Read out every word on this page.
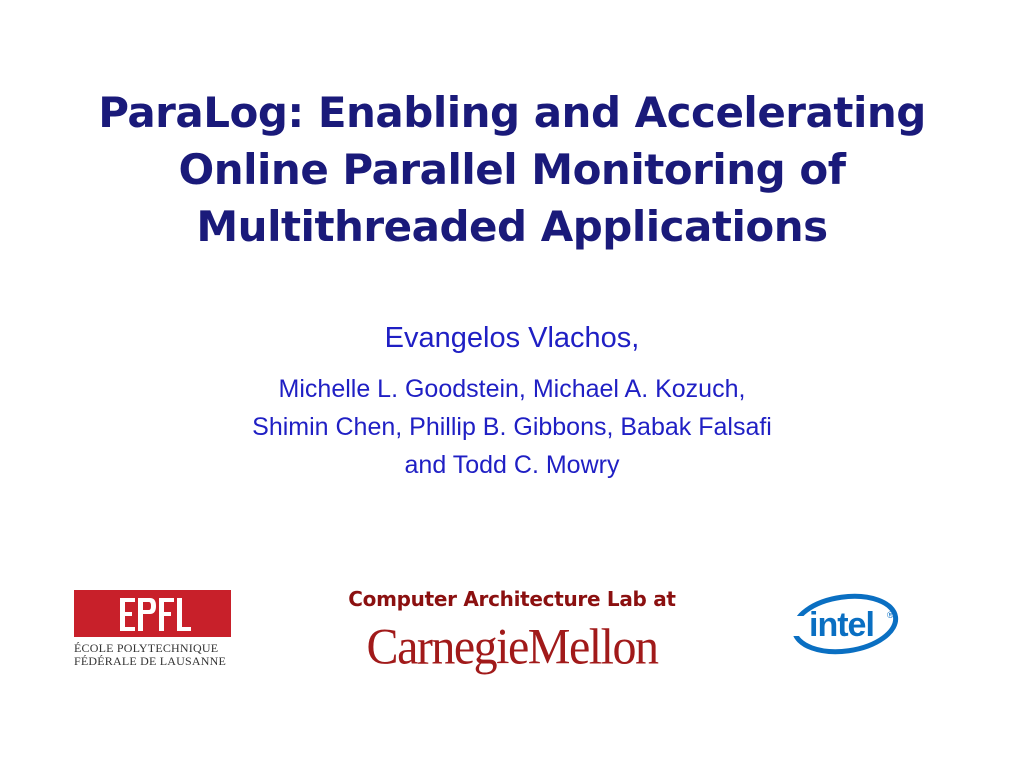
ParaLog: Enabling and Accelerating
Online Parallel Monitoring of
Multithreaded Applications
Evangelos Vlachos,
Michelle L. Goodstein, Michael A. Kozuch,
Shimin Chen, Phillip B. Gibbons, Babak Falsafi
and Todd C. Mowry
ÉCOLE POLYTECHNIQUE
FÉDÉRALE DE LAUSANNE
Computer Architecture Lab at
CarnegieMellon	intel ®
